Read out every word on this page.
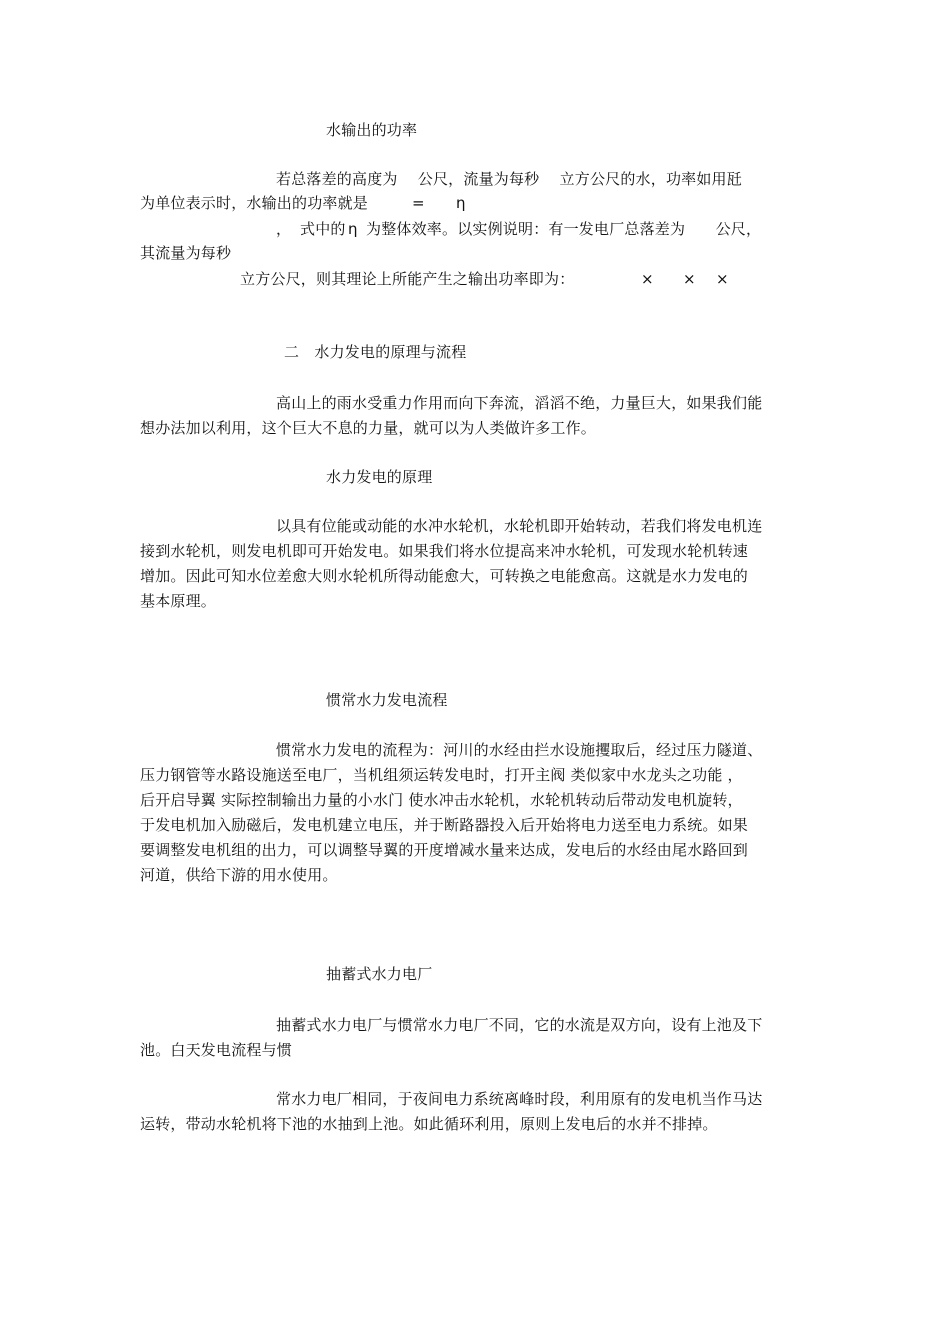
水输出的功率
若总落差的高度为　 公尺，流量为每秒　 立方公尺的水，功率如用瓩
为单位表示时，水输出的功率就是	= η
， 式中的 η 为整体效率。以实例说明：有一发电厂总落差为　　公尺，
其流量为每秒
立方公尺，则其理论上所能产生之输出功率即为：	× × ×
二　水力发电的原理与流程
高山上的雨水受重力作用而向下奔流，滔滔不绝，力量巨大，如果我们能
想办法加以利用，这个巨大不息的力量，就可以为人类做许多工作。
水力发电的原理
以具有位能或动能的水冲水轮机，水轮机即开始转动，若我们将发电机连
接到水轮机，则发电机即可开始发电。如果我们将水位提高来冲水轮机，可发现水轮机转速
增加。因此可知水位差愈大则水轮机所得动能愈大，可转换之电能愈高。这就是水力发电的
基本原理。
惯常水力发电流程
惯常水力发电的流程为：河川的水经由拦水设施攫取后，经过压力隧道、
压力钢管等水路设施送至电厂，当机组须运转发电时，打开主阀 类似家中水龙头之功能 ，
后开启导翼 实际控制输出力量的小水门 使水冲击水轮机，水轮机转动后带动发电机旋转，
于发电机加入励磁后，发电机建立电压，并于断路器投入后开始将电力送至电力系统。如果
要调整发电机组的出力，可以调整导翼的开度增减水量来达成，发电后的水经由尾水路回到
河道，供给下游的用水使用。
抽蓄式水力电厂
抽蓄式水力电厂与惯常水力电厂不同，它的水流是双方向，设有上池及下
池。白天发电流程与惯
常水力电厂相同，于夜间电力系统离峰时段，利用原有的发电机当作马达
运转，带动水轮机将下池的水抽到上池。如此循环利用，原则上发电后的水并不排掉。
